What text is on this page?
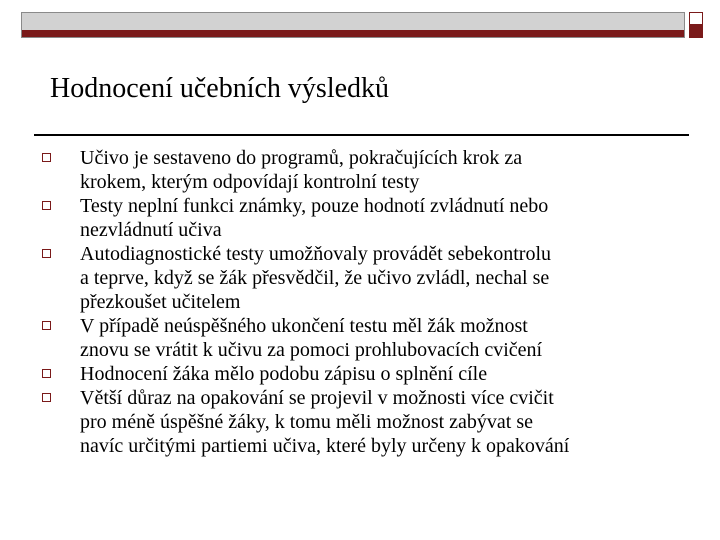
Hodnocení učebních výsledků
Učivo je sestaveno do programů, pokračujících krok za
krokem, kterým odpovídají kontrolní testy
Testy neplní funkci známky, pouze hodnotí zvládnutí nebo
nezvládnutí učiva
Autodiagnostické testy umožňovaly provádět sebekontrolu
a teprve, když se žák přesvědčil, že učivo zvládl, nechal se
přezkoušet učitelem
V případě neúspěšného ukončení testu měl žák možnost
znovu se vrátit k učivu za pomoci prohlubovacích cvičení
Hodnocení žáka mělo podobu zápisu o splnění cíle
Větší důraz na opakování se projevil v možnosti více cvičit
pro méně úspěšné žáky, k tomu měli možnost zabývat se
navíc určitými partiemi učiva, které byly určeny k opakování
